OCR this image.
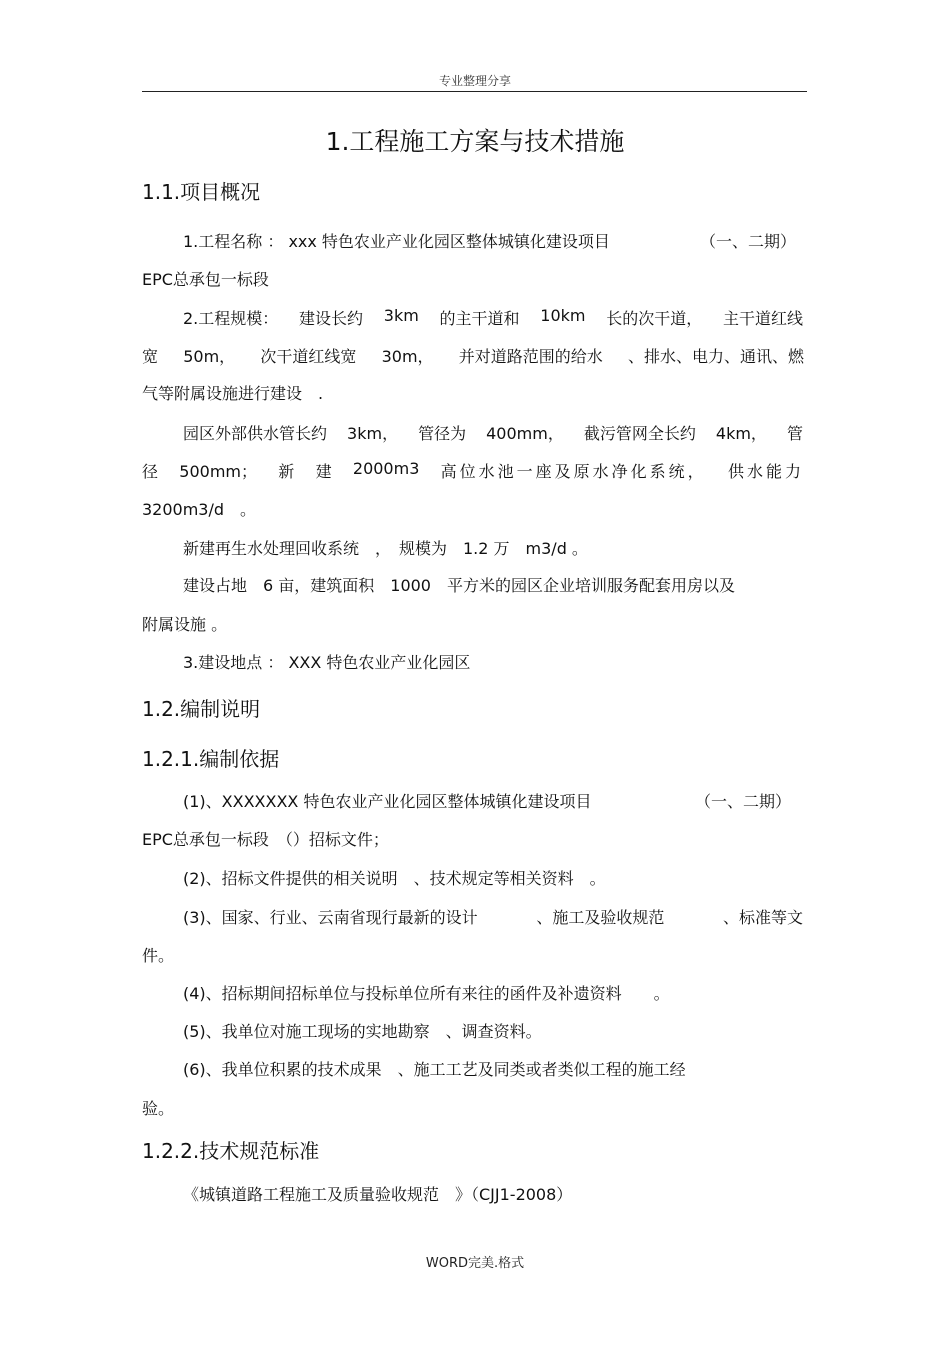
专业整理分享
1.工程施工方案与技术措施
1.1.项目概况
1.工程名称 ： xxx 特色农业产业化园区整体城镇化建设项目	（一、二期）
EPC总承包一标段
2.工程规模： 建设长约 3km 的主干道和 10km 长的次干道， 主干道红线
宽 50m， 次干道红线宽 30m， 并对道路范围的给水 、排水、电力、通讯、燃
气等附属设施进行建设　.
园区外部供水管长约 3km， 管径为 400mm， 截污管网全长约 4km， 管
径 500mm； 新 建 2000m3 高位水池一座及原水净化系统， 供水能力
3200m3/d　。
新建再生水处理回收系统　，　规模为　1.2 万　m3/d 。
建设占地　6 亩，建筑面积　1000　平方米的园区企业培训服务配套用房以及
附属设施 。
3.建设地点 ： XXX 特色农业产业化园区
1.2.编制说明
1.2.1.编制依据
(1)、XXXXXXX 特色农业产业化园区整体城镇化建设项目	（一、二期）
EPC总承包一标段　（）招标文件；
(2)、招标文件提供的相关说明　、技术规定等相关资料　。
(3)、国家、行业、云南省现行最新的设计	、施工及验收规范	、标准等文
件。
(4)、招标期间招标单位与投标单位所有来往的函件及补遗资料　　。
(5)、我单位对施工现场的实地勘察　、调查资料。
(6)、我单位积累的技术成果　、施工工艺及同类或者类似工程的施工经
验。
1.2.2.技术规范标准
《城镇道路工程施工及质量验收规范　》（CJJ1-2008）
WORD完美.格式
